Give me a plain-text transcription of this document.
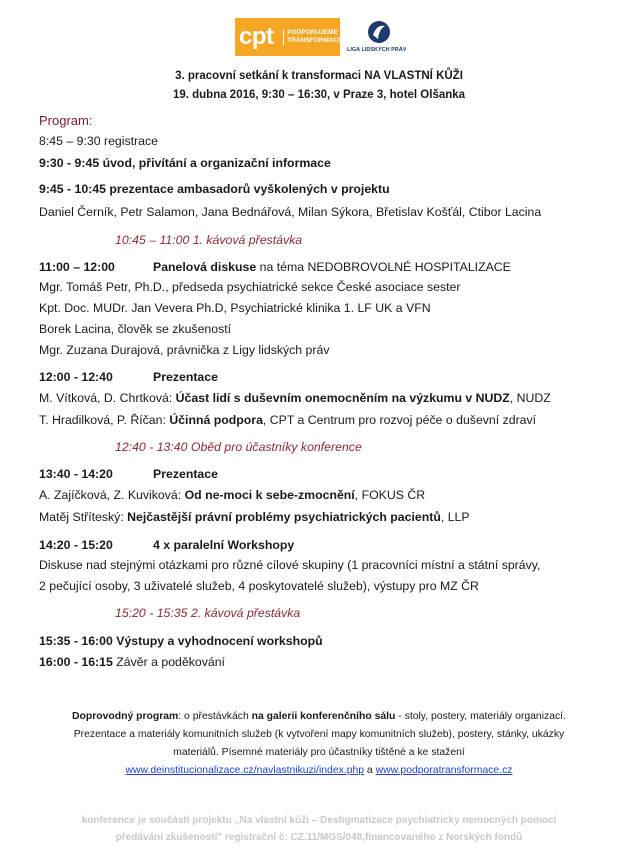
cpt	PODPORUJEME
TRANSFORMACI
LIGA LIDSKÝCH PRÁV
3. pracovní setkání k transformaci NA VLASTNÍ KŮŽI
19. dubna 2016, 9:30 – 16:30, v Praze 3, hotel Olšanka
Program:
8:45 – 9:30 registrace
9:30 - 9:45 úvod, přivítání a organizační informace
9:45 - 10:45 prezentace ambasadorů vyškolených v projektu
Daniel Černík, Petr Salamon, Jana Bednářová, Milan Sýkora, Břetislav Košťál, Ctibor Lacina
10:45 – 11:00 1. kávová přestávka
11:00 – 12:00	Panelová diskuse na téma NEDOBROVOLNÉ HOSPITALIZACE
Mgr. Tomáš Petr, Ph.D., předseda psychiatrické sekce České asociace sester
Kpt. Doc. MUDr. Jan Vevera Ph.D, Psychiatrické klinika 1. LF UK a VFN
Borek Lacina, člověk se zkušeností
Mgr. Zuzana Durajová, právnička z Ligy lidských práv
12:00 - 12:40	Prezentace
M. Vítková, D. Chrtková: Účast lidí s duševním onemocněním na výzkumu v NUDZ, NUDZ
T. Hradilková, P. Říčan: Účinná podpora, CPT a Centrum pro rozvoj péče o duševní zdraví
12:40 - 13:40 Oběd pro účastníky konference
13:40 - 14:20	Prezentace
A. Zajíčková, Z. Kuviková: Od ne-moci k sebe-zmocnění, FOKUS ČR
Matěj Stříteský: Nejčastější právní problémy psychiatrických pacientů, LLP
14:20 - 15:20	4 x paralelní Workshopy
Diskuse nad stejnými otázkami pro různé cílové skupiny (1 pracovníci místní a státní správy,
2 pečující osoby, 3 uživatelé služeb, 4 poskytovatelé služeb), výstupy pro MZ ČR
15:20 - 15:35 2. kávová přestávka
15:35 - 16:00 Výstupy a vyhodnocení workshopů
16:00 - 16:15 Závěr a poděkování
Doprovodný program: o přestávkách na galerii konferenčního sálu - stoly, postery, materiály organizací.
Prezentace a materiály komunitních služeb (k vytvoření mapy komunitních služeb), postery, stánky, ukázky
materiálů. Písemné materiály pro účastníky tištěné a ke stažení
www.deinstitucionalizace.cz/navlastnikuzi/index.php a www.podporatransformace.cz
konference je součástí projektu „Na vlastní kůži – Destigmatizace psychiatricky nemocných pomocí
předávání zkušeností" registrační č: CZ.11/MGS/048,financovaného z Norských fondů
